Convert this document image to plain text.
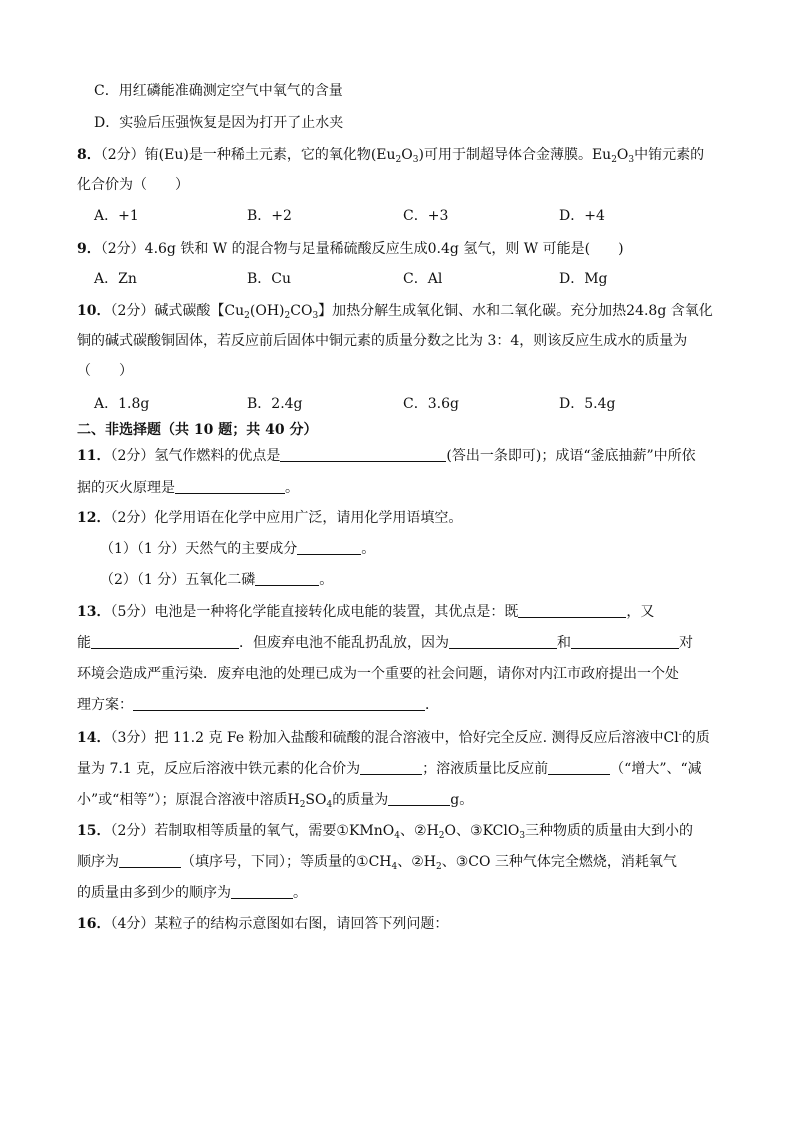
C．用红磷能准确测定空气中氧气的含量
D．实验后压强恢复是因为打开了止水夹
8．（2分）铕(Eu)是一种稀土元素，它的氧化物$(Eu_2O_3)$可用于制超导体合金薄膜。$Eu_2O_3$中铕元素的
化合价为（　　）
A．+1	B．+2	C．+3	D．+4
9．（2分）4.6g 铁和 W 的混合物与足量稀硫酸反应生成0.4g 氢气，则 W 可能是(　　)
A．Zn	B．Cu	C．Al	D．Mg
10．（2分）碱式碳酸【$Cu_2(OH)_2CO_3$】加热分解生成氧化铜、水和二氧化碳。充分加热24.8g 含氧化
铜的碱式碳酸铜固体，若反应前后固体中铜元素的质量分数之比为 3：4，则该反应生成水的质量为
（　　）
A．1.8g	B．2.4g	C．3.6g	D．5.4g
二、非选择题（共 10 题；共 40 分）
11．（2分）氢气作燃料的优点是	(答出一条即可)；成语“釜底抽薪”中所依
据的灭火原理是	。
12．（2分）化学用语在化学中应用广泛，请用化学用语填空。
（1）（1 分）天然气的主要成分	。
（2）（1 分）五氧化二磷	。
13．（5分）电池是一种将化学能直接转化成电能的装置，其优点是：既	，又
能	．但废弃电池不能乱扔乱放，因为	和	对
环境会造成严重污染．废弃电池的处理已成为一个重要的社会问题，请你对内江市政府提出一个处
理方案：	．
14．（3分）把 11.2 克 Fe 粉加入盐酸和硫酸的混合溶液中，恰好完全反应. 测得反应后溶液中Cl-的质
量为 7.1 克，反应后溶液中铁元素的化合价为	；溶液质量比反应前	（“增大”、“减
小”或“相等”）；原混合溶液中溶质$H_2SO_4$的质量为	g。
15．（2分）若制取相等质量的氧气，需要①KMnO$_4$、$②H_2O$、③KClO$_3$三种物质的质量由大到小的
顺序为	（填序号，下同）；等质量的$①CH_4$、$②H_2$、③CO 三种气体完全燃烧，消耗氧气
的质量由多到少的顺序为	。
16．（4分）某粒子的结构示意图如右图，请回答下列问题：
